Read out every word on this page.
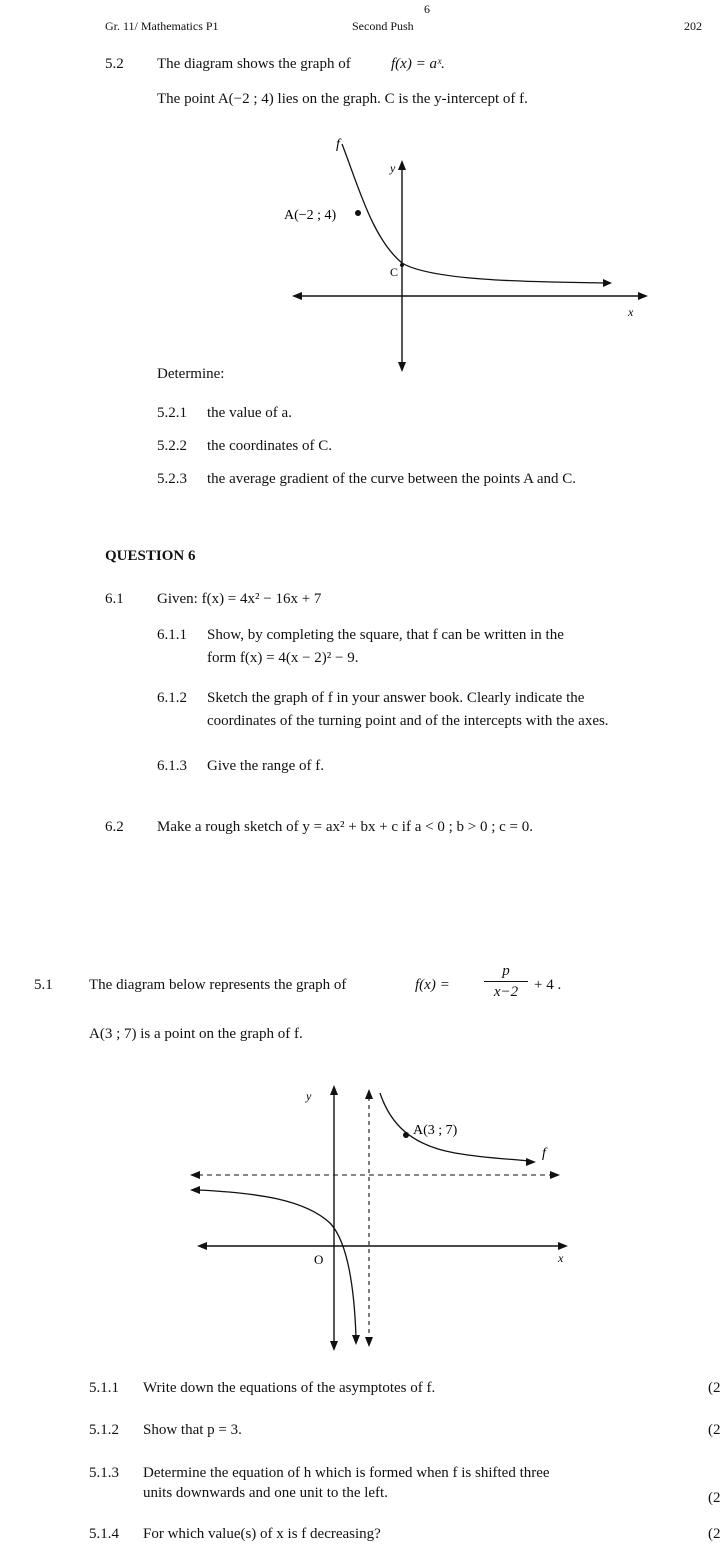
6
Gr. 11/ Mathematics P1	Second Push	202
5.2 The diagram shows the graph of	f(x) = aˣ.
The point A(−2 ; 4) lies on the graph. C is the y-intercept of f.
f
y
x
A(−2 ; 4)
C
Determine:
5.2.1 the value of a.
5.2.2 the coordinates of C.
5.2.3 the average gradient of the curve between the points A and C.
QUESTION 6
6.1 Given: f(x) = 4x² − 16x + 7
6.1.1 Show, by completing the square, that f can be written in the
form f(x) = 4(x − 2)² − 9.
6.1.2 Sketch the graph of f in your answer book. Clearly indicate the
coordinates of the turning point and of the intercepts with the axes.
6.1.3 Give the range of f.
6.2 Make a rough sketch of y = ax² + bx + c if a < 0 ; b > 0 ; c = 0.
5.1 The diagram below represents the graph of	$f(x) = \frac{p}{x-2} + 4$ .
A(3 ; 7) is a point on the graph of f.
y
x
O
f
A(3 ; 7)
5.1.1 Write down the equations of the asymptotes of f.	(2
5.1.2 Show that p = 3.	(2
5.1.3 Determine the equation of h which is formed when f is shifted three
units downwards and one unit to the left.	(2
5.1.4 For which value(s) of x is f decreasing?	(2
